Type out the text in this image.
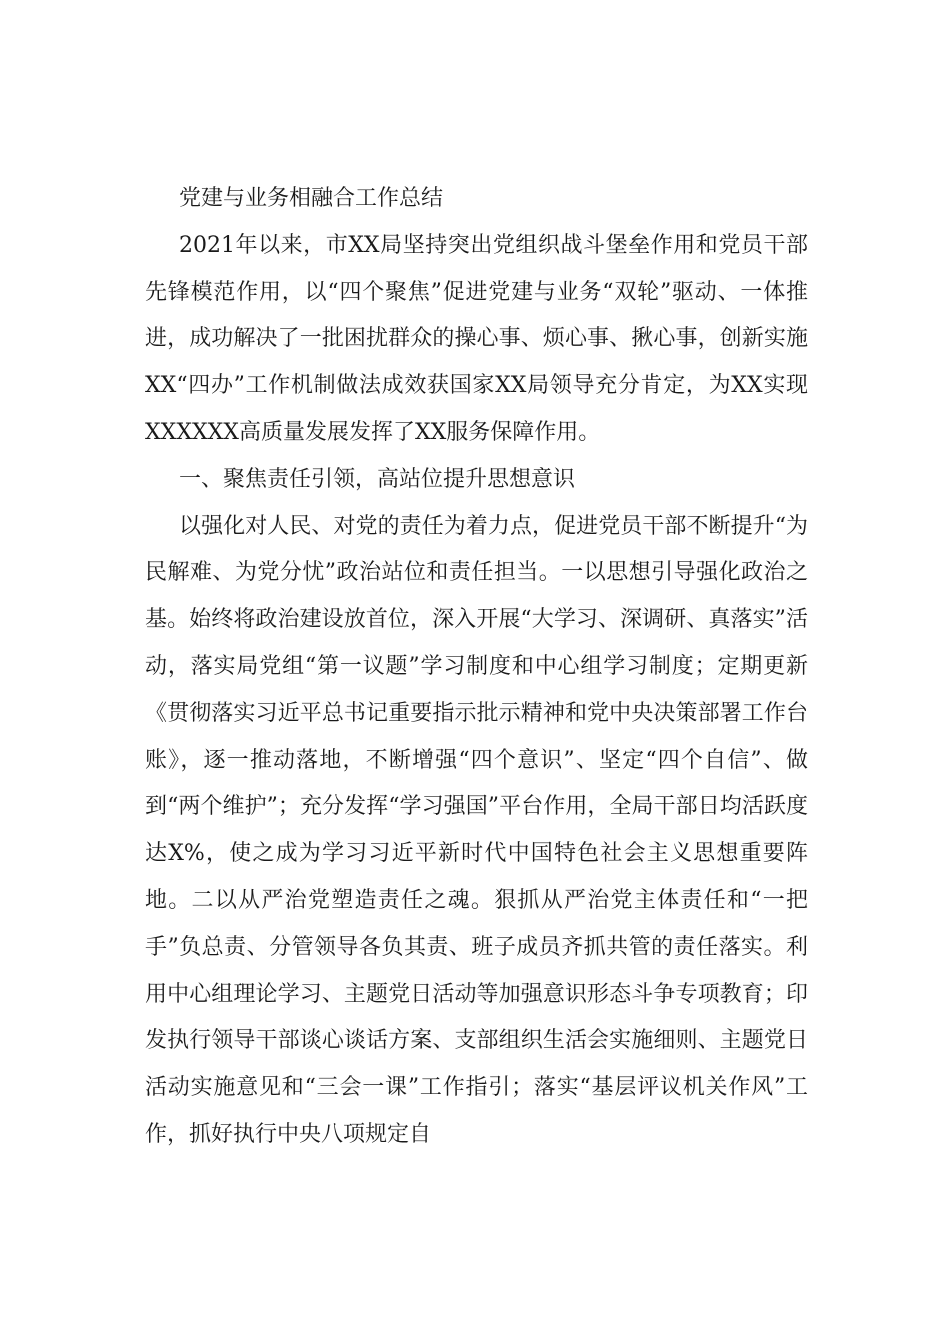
党建与业务相融合工作总结

2021年以来，市XX局坚持突出党组织战斗堡垒作用和党员干部先锋模范作用，以“四个聚焦”促进党建与业务“双轮”驱动、一体推进，成功解决了一批困扰群众的操心事、烦心事、揪心事，创新实施XX“四办”工作机制做法成效获国家XX局领导充分肯定，为XX实现XXXXXX高质量发展发挥了XX服务保障作用。

一、聚焦责任引领，高站位提升思想意识

以强化对人民、对党的责任为着力点，促进党员干部不断提升“为民解难、为党分忧”政治站位和责任担当。一以思想引导强化政治之基。始终将政治建设放首位，深入开展“大学习、深调研、真落实”活动，落实局党组“第一议题”学习制度和中心组学习制度；定期更新《贯彻落实习近平总书记重要指示批示精神和党中央决策部署工作台账》，逐一推动落地，不断增强“四个意识”、坚定“四个自信”、做到“两个维护”；充分发挥“学习强国”平台作用，全局干部日均活跃度达X%，使之成为学习习近平新时代中国特色社会主义思想重要阵地。二以从严治党塑造责任之魂。狠抓从严治党主体责任和“一把手”负总责、分管领导各负其责、班子成员齐抓共管的责任落实。利用中心组理论学习、主题党日活动等加强意识形态斗争专项教育；印发执行领导干部谈心谈话方案、支部组织生活会实施细则、主题党日活动实施意见和“三会一课”工作指引；落实“基层评议机关作风”工作，抓好执行中央八项规定自
